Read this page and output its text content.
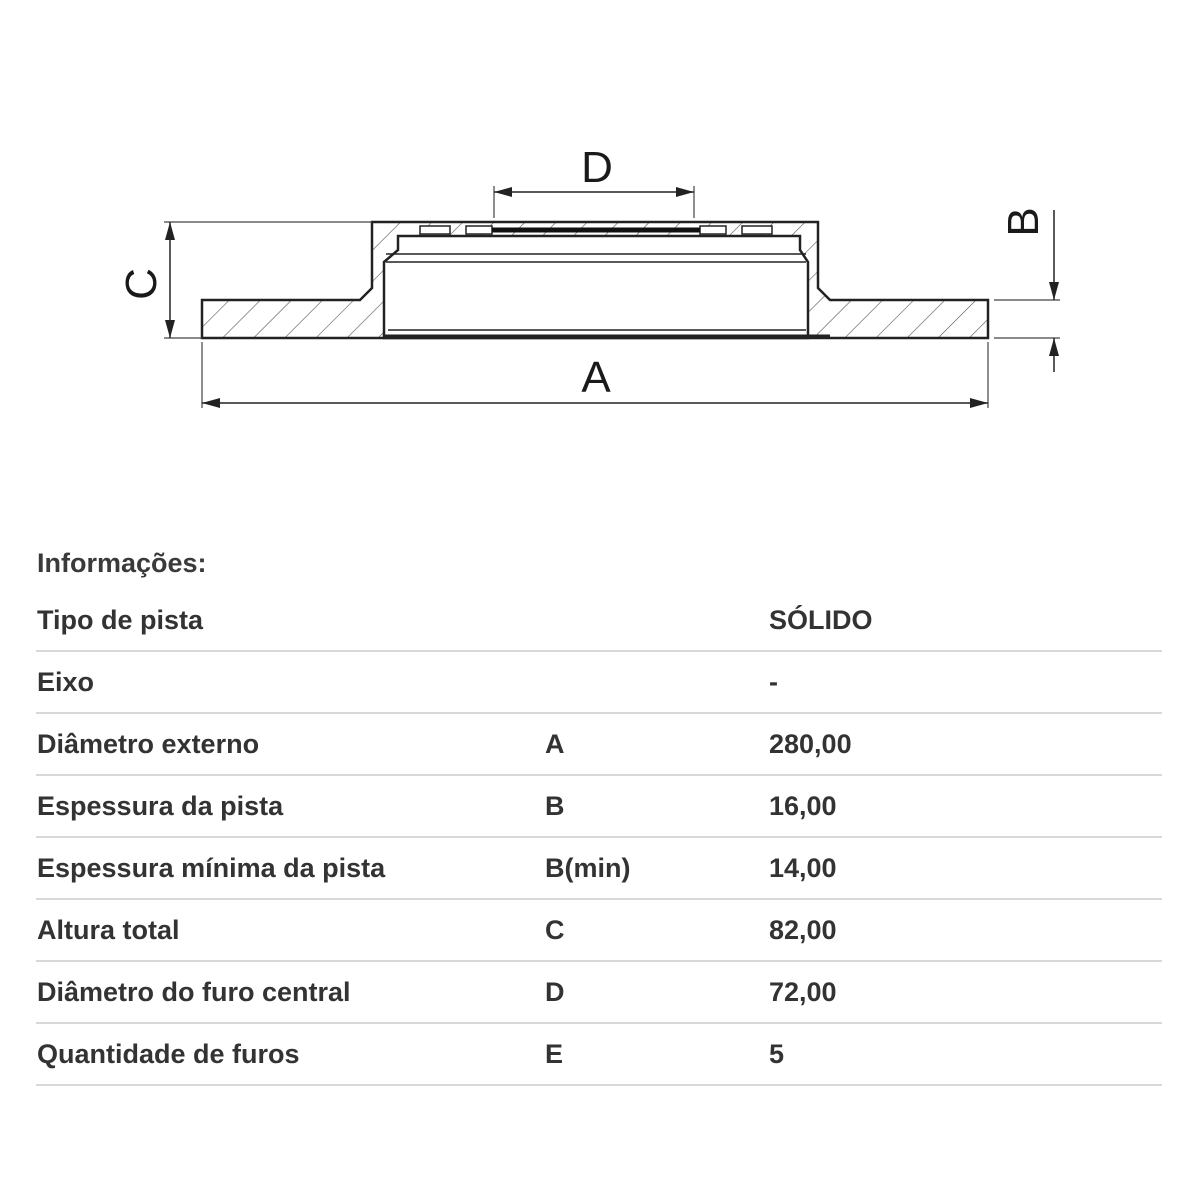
D
C
A
B
Informações:
Tipo de pista		SÓLIDO
Eixo		-
Diâmetro externo	A	280,00
Espessura da pista	B	16,00
Espessura mínima da pista	B(min)	14,00
Altura total	C	82,00
Diâmetro do furo central	D	72,00
Quantidade de furos	E	5
